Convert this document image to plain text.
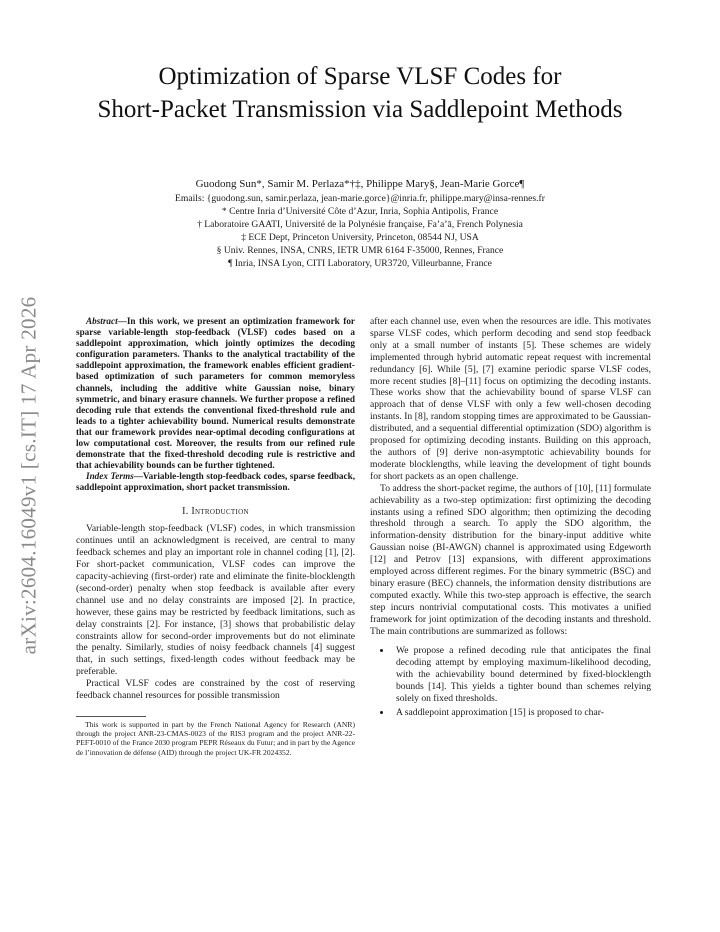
arXiv:2604.16049v1 [cs.IT] 17 Apr 2026
Optimization of Sparse VLSF Codes for
Short-Packet Transmission via Saddlepoint Methods
Guodong Sun*, Samir M. Perlaza*†‡, Philippe Mary§, Jean-Marie Gorce¶
Emails: {guodong.sun, samir.perlaza, jean-marie.gorce}@inria.fr, philippe.mary@insa-rennes.fr
* Centre Inria d’Université Côte d’Azur, Inria, Sophia Antipolis, France
† Laboratoire GAATI, Université de la Polynésie française, Fa’a’ā, French Polynesia
‡ ECE Dept, Princeton University, Princeton, 08544 NJ, USA
§ Univ. Rennes, INSA, CNRS, IETR UMR 6164 F-35000, Rennes, France
¶ Inria, INSA Lyon, CITI Laboratory, UR3720, Villeurbanne, France

Abstract—In this work, we present an optimization framework for sparse variable-length stop-feedback (VLSF) codes based on a saddlepoint approximation, which jointly optimizes the decoding configuration parameters. Thanks to the analytical tractability of the saddlepoint approximation, the framework enables efficient gradient-based optimization of such parameters for common memoryless channels, including the additive white Gaussian noise, binary symmetric, and binary erasure channels. We further propose a refined decoding rule that extends the conventional fixed-threshold rule and leads to a tighter achievability bound. Numerical results demonstrate that our framework provides near-optimal decoding configurations at low computational cost. Moreover, the results from our refined rule demonstrate that the fixed-threshold decoding rule is restrictive and that achievability bounds can be further tightened.

Index Terms—Variable-length stop-feedback codes, sparse feedback, saddlepoint approximation, short packet transmission.

I. Introduction

Variable-length stop-feedback (VLSF) codes, in which transmission continues until an acknowledgment is received, are central to many feedback schemes and play an important role in channel coding [1], [2]. For short-packet communication, VLSF codes can improve the capacity-achieving (first-order) rate and eliminate the finite-blocklength (second-order) penalty when stop feedback is available after every channel use and no delay constraints are imposed [2]. In practice, however, these gains may be restricted by feedback limitations, such as delay constraints [2]. For instance, [3] shows that probabilistic delay constraints allow for second-order improvements but do not eliminate the penalty. Similarly, studies of noisy feedback channels [4] suggest that, in such settings, fixed-length codes without feedback may be preferable.

Practical VLSF codes are constrained by the cost of reserving feedback channel resources for possible transmission

This work is supported in part by the French National Agency for Research (ANR) through the project ANR-23-CMAS-0023 of the RIS3 program and the project ANR-22-PEFT-0010 of the France 2030 program PEPR Réseaux du Futur; and in part by the Agence de l’innovation de défense (AID) through the project UK-FR 2024352.

after each channel use, even when the resources are idle. This motivates sparse VLSF codes, which perform decoding and send stop feedback only at a small number of instants [5]. These schemes are widely implemented through hybrid automatic repeat request with incremental redundancy [6]. While [5], [7] examine periodic sparse VLSF codes, more recent studies [8]–[11] focus on optimizing the decoding instants. These works show that the achievability bound of sparse VLSF can approach that of dense VLSF with only a few well-chosen decoding instants. In [8], random stopping times are approximated to be Gaussian-distributed, and a sequential differential optimization (SDO) algorithm is proposed for optimizing decoding instants. Building on this approach, the authors of [9] derive non-asymptotic achievability bounds for moderate blocklengths, while leaving the development of tight bounds for short packets as an open challenge.

To address the short-packet regime, the authors of [10], [11] formulate achievability as a two-step optimization: first optimizing the decoding instants using a refined SDO algorithm; then optimizing the decoding threshold through a search. To apply the SDO algorithm, the information-density distribution for the binary-input additive white Gaussian noise (BI-AWGN) channel is approximated using Edgeworth [12] and Petrov [13] expansions, with different approximations employed across different regimes. For the binary symmetric (BSC) and binary erasure (BEC) channels, the information density distributions are computed exactly. While this two-step approach is effective, the search step incurs nontrivial computational costs. This motivates a unified framework for joint optimization of the decoding instants and threshold. The main contributions are summarized as follows:

• We propose a refined decoding rule that anticipates the final decoding attempt by employing maximum-likelihood decoding, with the achievability bound determined by fixed-blocklength bounds [14]. This yields a tighter bound than schemes relying solely on fixed thresholds.
• A saddlepoint approximation [15] is proposed to char-
